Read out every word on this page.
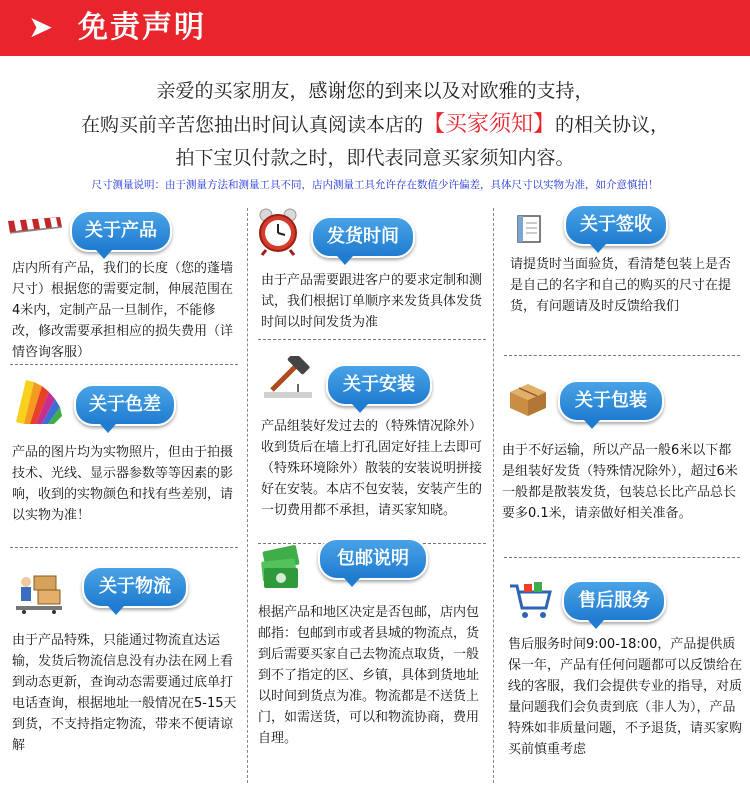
➤ 免责声明
亲爱的买家朋友，感谢您的到来以及对欧雅的支持，
在购买前辛苦您抽出时间认真阅读本店的【买家须知】的相关协议，
拍下宝贝付款之时，即代表同意买家须知内容。
尺寸测量说明：由于测量方法和测量工具不同，店内测量工具允许存在数值少许偏差，具体尺寸以实物为准，如介意慎拍！
关于产品
店内所有产品，我们的长度（您的蓬墙尺寸）根据您的需要定制，伸展范围在4米内，定制产品一旦制作，不能修改，修改需要承担相应的损失费用（详情咨询客服）
发货时间
由于产品需要跟进客户的要求定制和测试，我们根据订单顺序来发货具体发货时间以时间发货为准
关于签收
请提货时当面验货，看清楚包装上是否是自己的名字和自己的购买的尺寸在提货，有问题请及时反馈给我们
关于色差
产品的图片均为实物照片，但由于拍摄技术、光线、显示器参数等等因素的影响，收到的实物颜色和找有些差别，请以实物为准！
关于安装
产品组装好发过去的（特殊情况除外）收到货后在墙上打孔固定好挂上去即可（特殊环境除外）散装的安装说明拼接好在安装。本店不包安装，安装产生的一切费用都不承担，请买家知晓。
关于包装
由于不好运输，所以产品一般6米以下都是组装好发货（特殊情况除外），超过6米一般都是散装发货，包装总长比产品总长要多0.1米，请亲做好相关准备。
关于物流
由于产品特殊，只能通过物流直达运输，发货后物流信息没有办法在网上看到动态更新，查询动态需要通过底单打电话查询，根据地址一般情况在5-15天到货，不支持指定物流，带来不便请谅解
包邮说明
根据产品和地区决定是否包邮，店内包邮指：包邮到市或者县城的物流点，货到后需要买家自己去物流点取货，一般到不了指定的区、乡镇，具体到货地址以时间到货点为准。物流都是不送货上门，如需送货，可以和物流协商，费用自理。
售后服务
售后服务时间9:00-18:00，产品提供质保一年，产品有任何问题都可以反馈给在线的客服，我们会提供专业的指导，对质量问题我们会负责到底（非人为），产品特殊如非质量问题，不予退货，请买家购买前慎重考虑
